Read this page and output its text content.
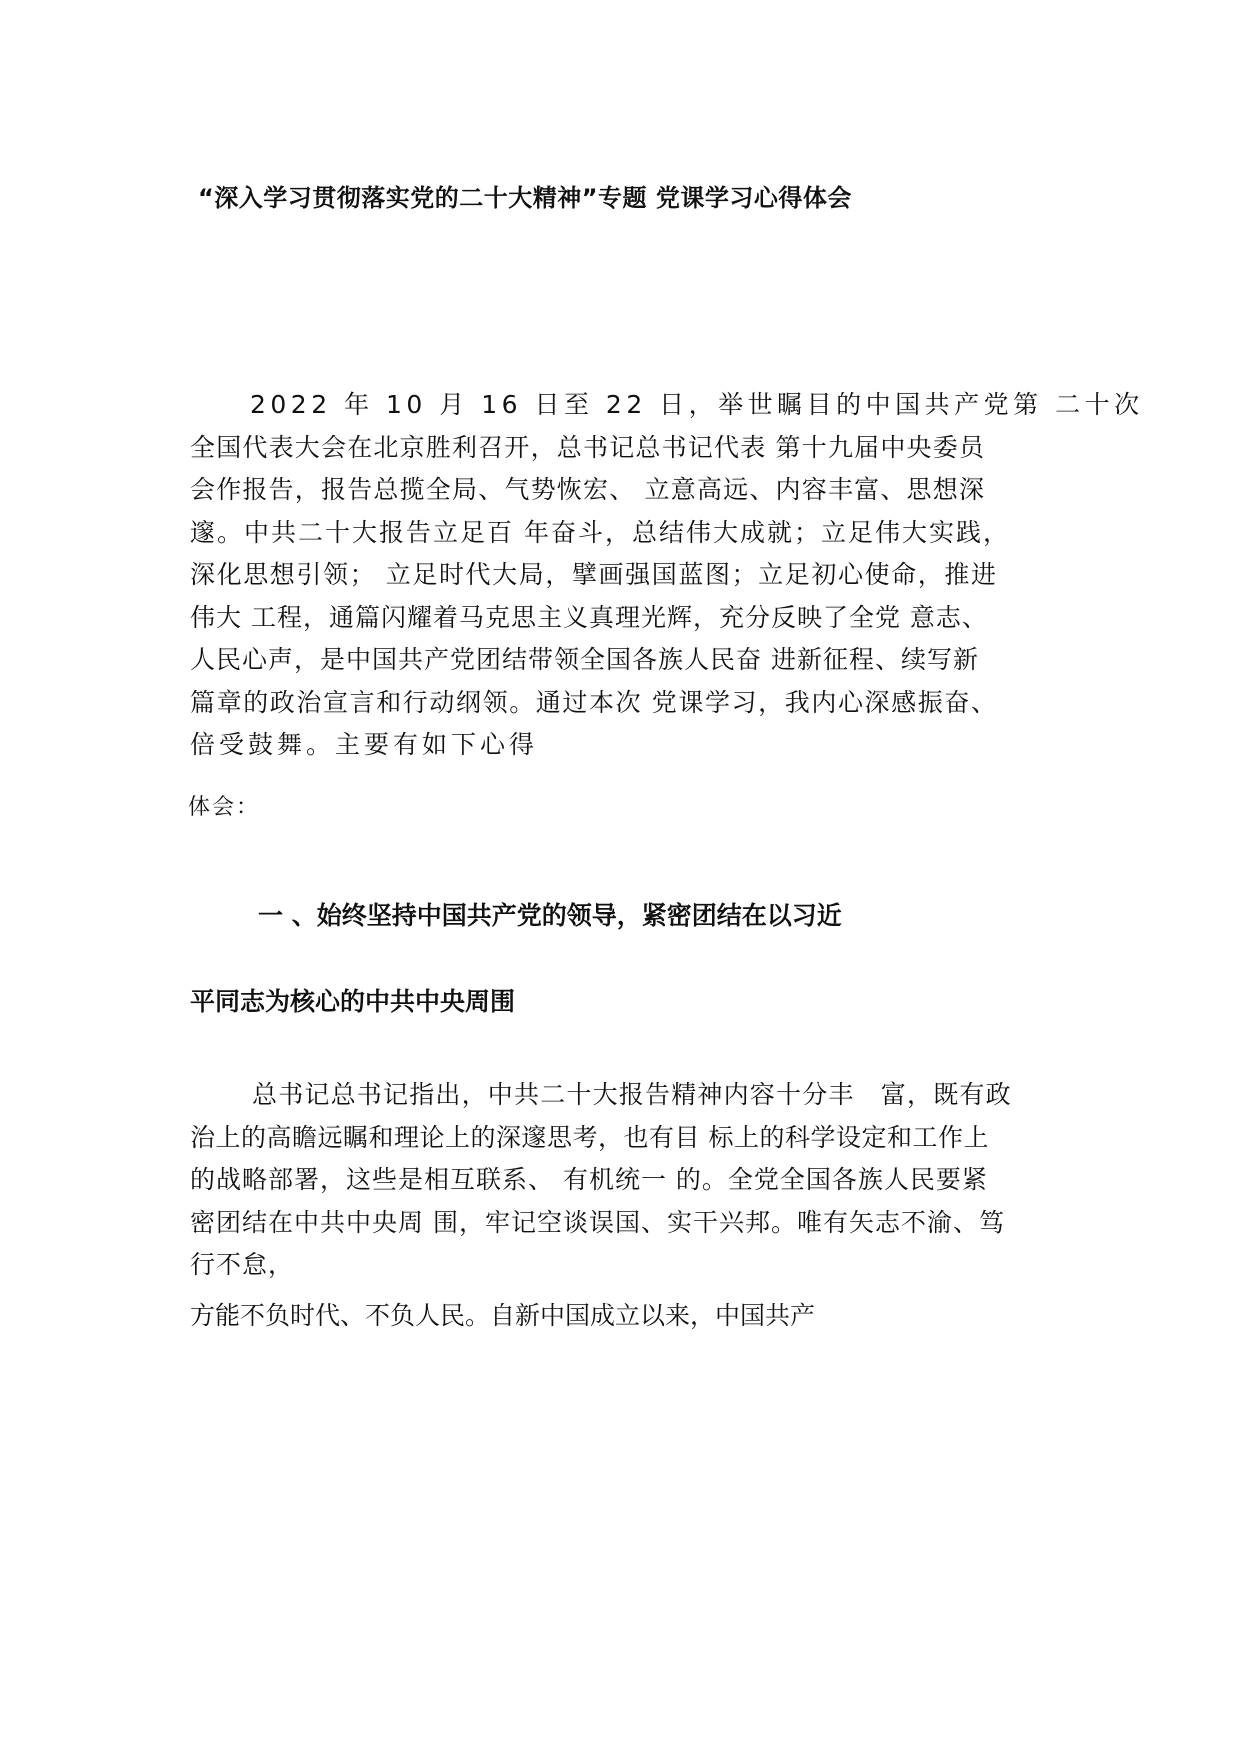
“深入学习贯彻落实党的二十大精神”专题 党课学习心得体会
2022 年 10 月 16 日至 22 日，举世瞩目的中国共产党第 二十次
全国代表大会在北京胜利召开，总书记总书记代表 第十九届中央委员
会作报告，报告总揽全局、气势恢宏、 立意高远、内容丰富、思想深
邃。中共二十大报告立足百 年奋斗，总结伟大成就；立足伟大实践，
深化思想引领； 立足时代大局，擘画强国蓝图；立足初心使命，推进
伟大 工程，通篇闪耀着马克思主义真理光辉，充分反映了全党 意志、
人民心声，是中国共产党团结带领全国各族人民奋 进新征程、续写新
篇章的政治宣言和行动纲领。通过本次 党课学习，我内心深感振奋、
倍受鼓舞。主要有如下心得
体会：
一 、始终坚持中国共产党的领导，紧密团结在以习近
平同志为核心的中共中央周围
总书记总书记指出，中共二十大报告精神内容十分丰　富，既有政
治上的高瞻远瞩和理论上的深邃思考，也有目 标上的科学设定和工作上
的战略部署，这些是相互联系、 有机统一 的。全党全国各族人民要紧
密团结在中共中央周 围，牢记空谈误国、实干兴邦。唯有矢志不渝、笃
行不怠，
方能不负时代、不负人民。自新中国成立以来，中国共产
